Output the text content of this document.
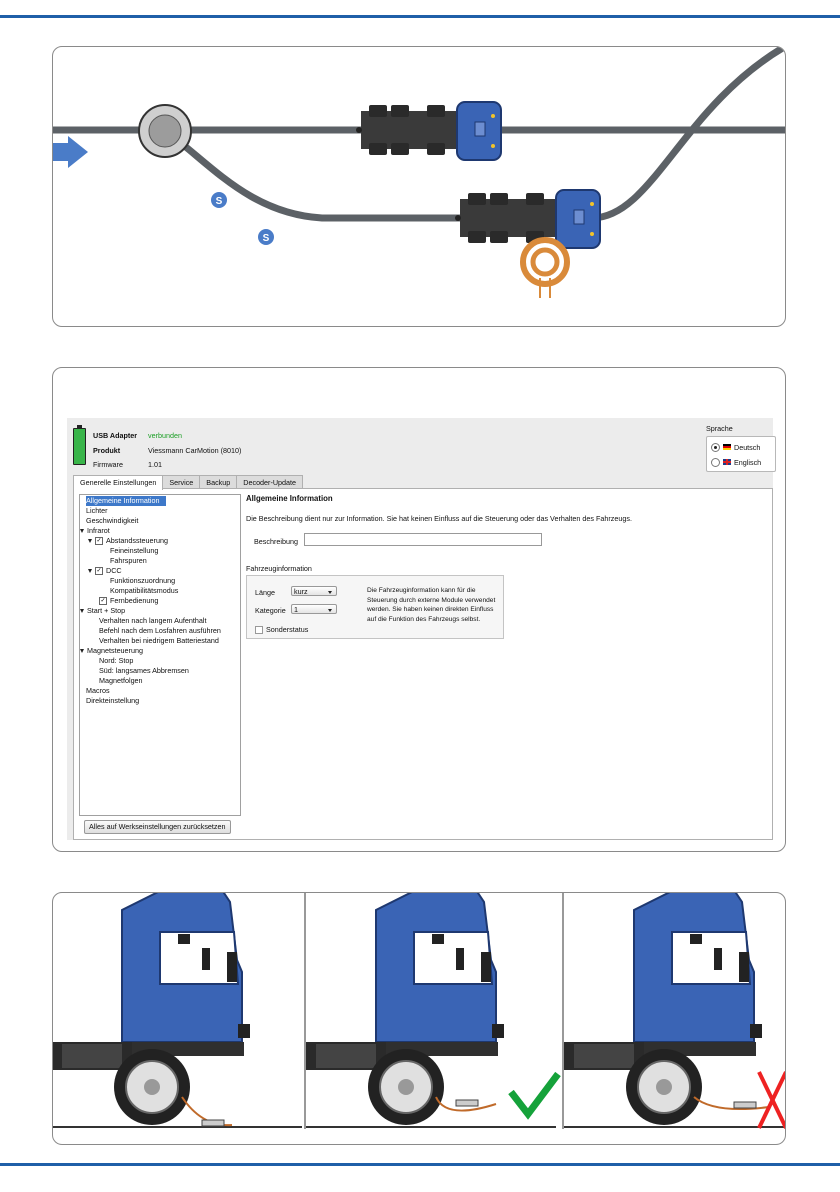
S
S
USB Adapter verbunden
Produkt	Viessmann CarMotion (8010)
Firmware	1.01
Sprache
Deutsch
Englisch
Generelle Einstellungen	Service	Backup	Decoder-Update
Allgemeine Information
Lichter
Geschwindigkeit
Infrarot
✓ Abstandssteuerung
Feineinstellung
Fahrspuren
✓ DCC
Funktionszuordnung
Kompatibilitätsmodus
✓ Fernbedienung
Start + Stop
Verhalten nach langem Aufenthalt
Befehl nach dem Losfahren ausführen
Verhalten bei niedrigem Batteriestand
Magnetsteuerung
Nord: Stop
Süd: langsames Abbremsen
Magnetfolgen
Macros
Direkteinstellung
Alles auf Werkseinstellungen zurücksetzen
Allgemeine Information
Die Beschreibung dient nur zur Information. Sie hat keinen Einfluss auf die Steuerung oder das Verhalten des Fahrzeugs.
Beschreibung
Fahrzeuginformation
Länge	kurz
Kategorie	1
Sonderstatus
Die Fahrzeuginformation kann für die Steuerung durch externe Module verwendet werden. Sie haben keinen direkten Einfluss auf die Funktion des Fahrzeugs selbst.
